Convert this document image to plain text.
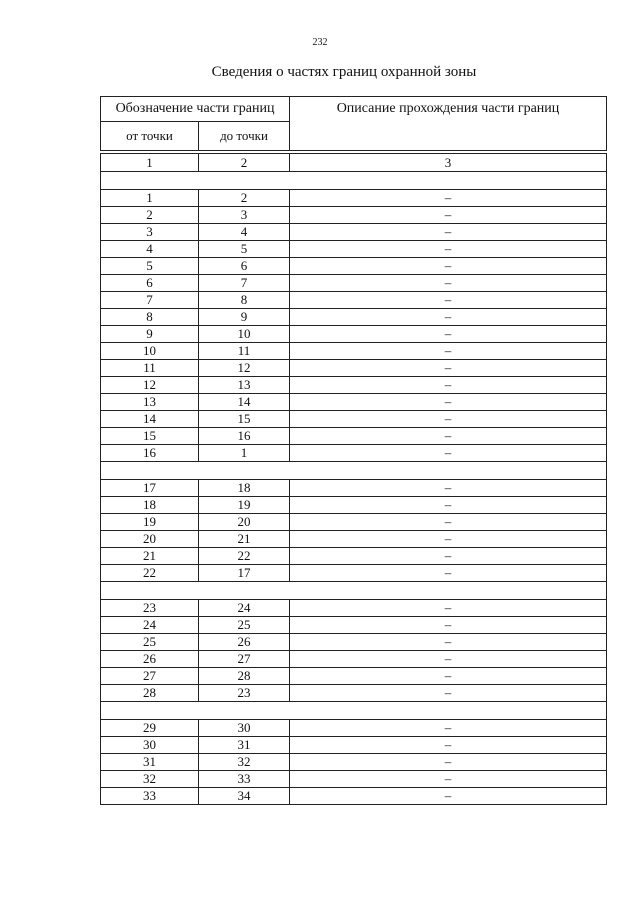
232
Сведения о частях границ охранной зоны
Обозначение части границ		Описание прохождения части границ
от точки	до точки	

1	2	3

1	2	–
2	3	–
3	4	–
4	5	–
5	6	–
6	7	–
7	8	–
8	9	–
9	10	–
10	11	–
11	12	–
12	13	–
13	14	–
14	15	–
15	16	–
16	1	–

17	18	–
18	19	–
19	20	–
20	21	–
21	22	–
22	17	–

23	24	–
24	25	–
25	26	–
26	27	–
27	28	–
28	23	–

29	30	–
30	31	–
31	32	–
32	33	–
33	34	–
